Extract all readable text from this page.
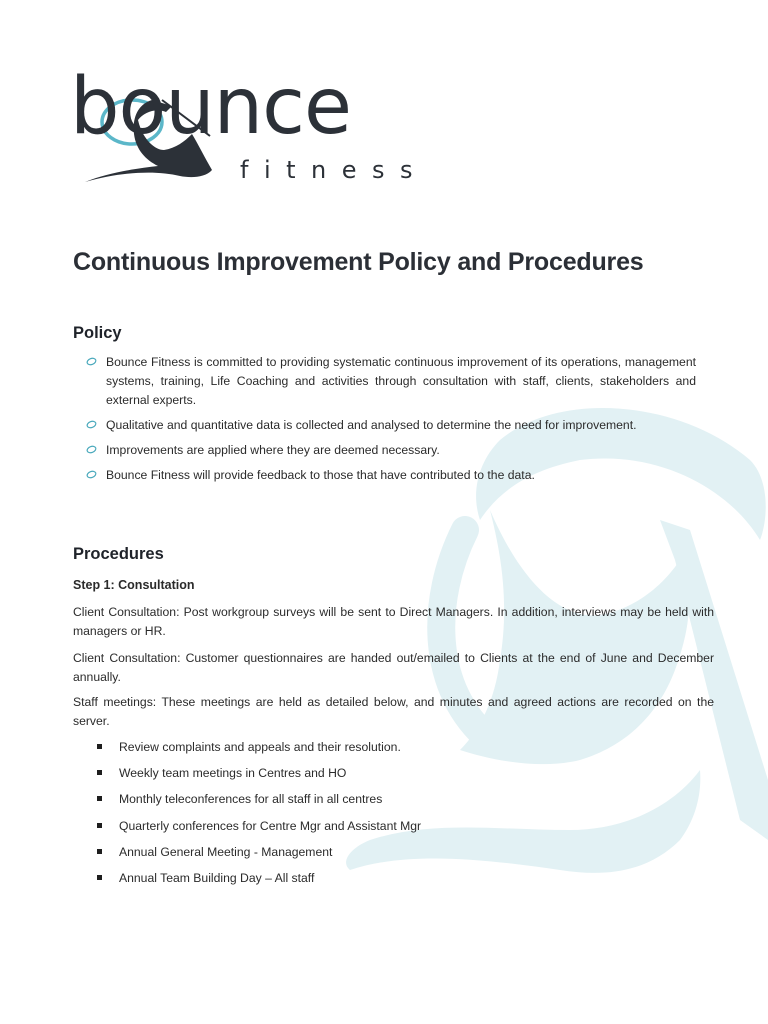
bounce
fitness
Continuous Improvement Policy and Procedures
Policy
Bounce Fitness is committed to providing systematic continuous improvement of its operations, management systems, training, Life Coaching and activities through consultation with staff, clients, stakeholders and external experts.
Qualitative and quantitative data is collected and analysed to determine the need for improvement.
Improvements are applied where they are deemed necessary.
Bounce Fitness will provide feedback to those that have contributed to the data.
Procedures

Step 1: Consultation

Client Consultation: Post workgroup surveys will be sent to Direct Managers. In addition, interviews may be held with managers or HR.

Client Consultation: Customer questionnaires are handed out/emailed to Clients at the end of June and December annually.

Staff meetings: These meetings are held as detailed below, and minutes and agreed actions are recorded on the server.

Review complaints and appeals and their resolution.
Weekly team meetings in Centres and HO
Monthly teleconferences for all staff in all centres
Quarterly conferences for Centre Mgr and Assistant Mgr
Annual General Meeting - Management
Annual Team Building Day – All staff
